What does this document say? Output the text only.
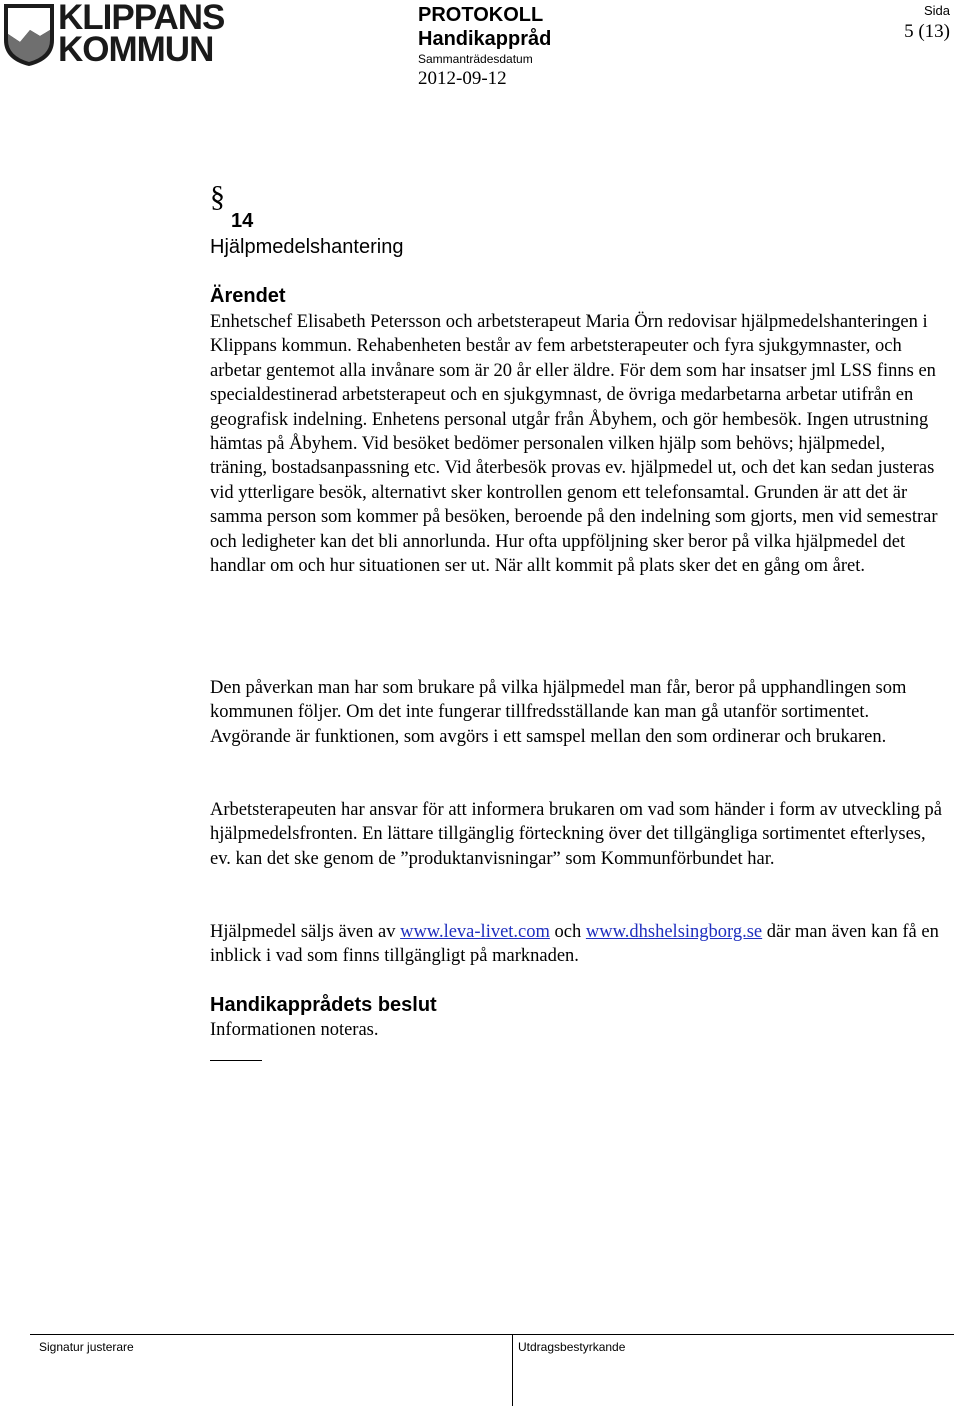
KLIPPANS
KOMMUN
PROTOKOLL
Handikappråd
Sammanträdesdatum
2012-09-12
Sida
5 (13)
§
14
Hjälpmedelshantering
Ärendet

Enhetschef Elisabeth Petersson och arbetsterapeut Maria Örn redovisar hjälpmedelshanteringen i Klippans kommun. Rehabenheten består av fem arbetsterapeuter och fyra sjukgymnaster, och arbetar gentemot alla invånare som är 20 år eller äldre. För dem som har insatser jml LSS finns en specialdestinerad arbetsterapeut och en sjukgymnast, de övriga medarbetarna arbetar utifrån en geografisk indelning. Enhetens personal utgår från Åbyhem, och gör hembesök. Ingen utrustning hämtas på Åbyhem. Vid besöket bedömer personalen vilken hjälp som behövs; hjälpmedel, träning, bostadsanpassning etc. Vid återbesök provas ev. hjälpmedel ut, och det kan sedan justeras vid ytterligare besök, alternativt sker kontrollen genom ett telefonsamtal. Grunden är att det är samma person som kommer på besöken, beroende på den indelning som gjorts, men vid semestrar och ledigheter kan det bli annorlunda. Hur ofta uppföljning sker beror på vilka hjälpmedel det handlar om och hur situationen ser ut. När allt kommit på plats sker det en gång om året.

Den påverkan man har som brukare på vilka hjälpmedel man får, beror på upphandlingen som kommunen följer. Om det inte fungerar tillfredsställande kan man gå utanför sortimentet. Avgörande är funktionen, som avgörs i ett samspel mellan den som ordinerar och brukaren.

Arbetsterapeuten har ansvar för att informera brukaren om vad som händer i form av utveckling på hjälpmedelsfronten. En lättare tillgänglig förteckning över det tillgängliga sortimentet efterlyses, ev. kan det ske genom de ”produktanvisningar” som Kommunförbundet har.

Hjälpmedel säljs även av www.leva-livet.com och www.dhshelsingborg.se där man även kan få en inblick i vad som finns tillgängligt på marknaden.

Handikapprådets beslut

Informationen noteras.

Signatur justerare	Utdragsbestyrkande
